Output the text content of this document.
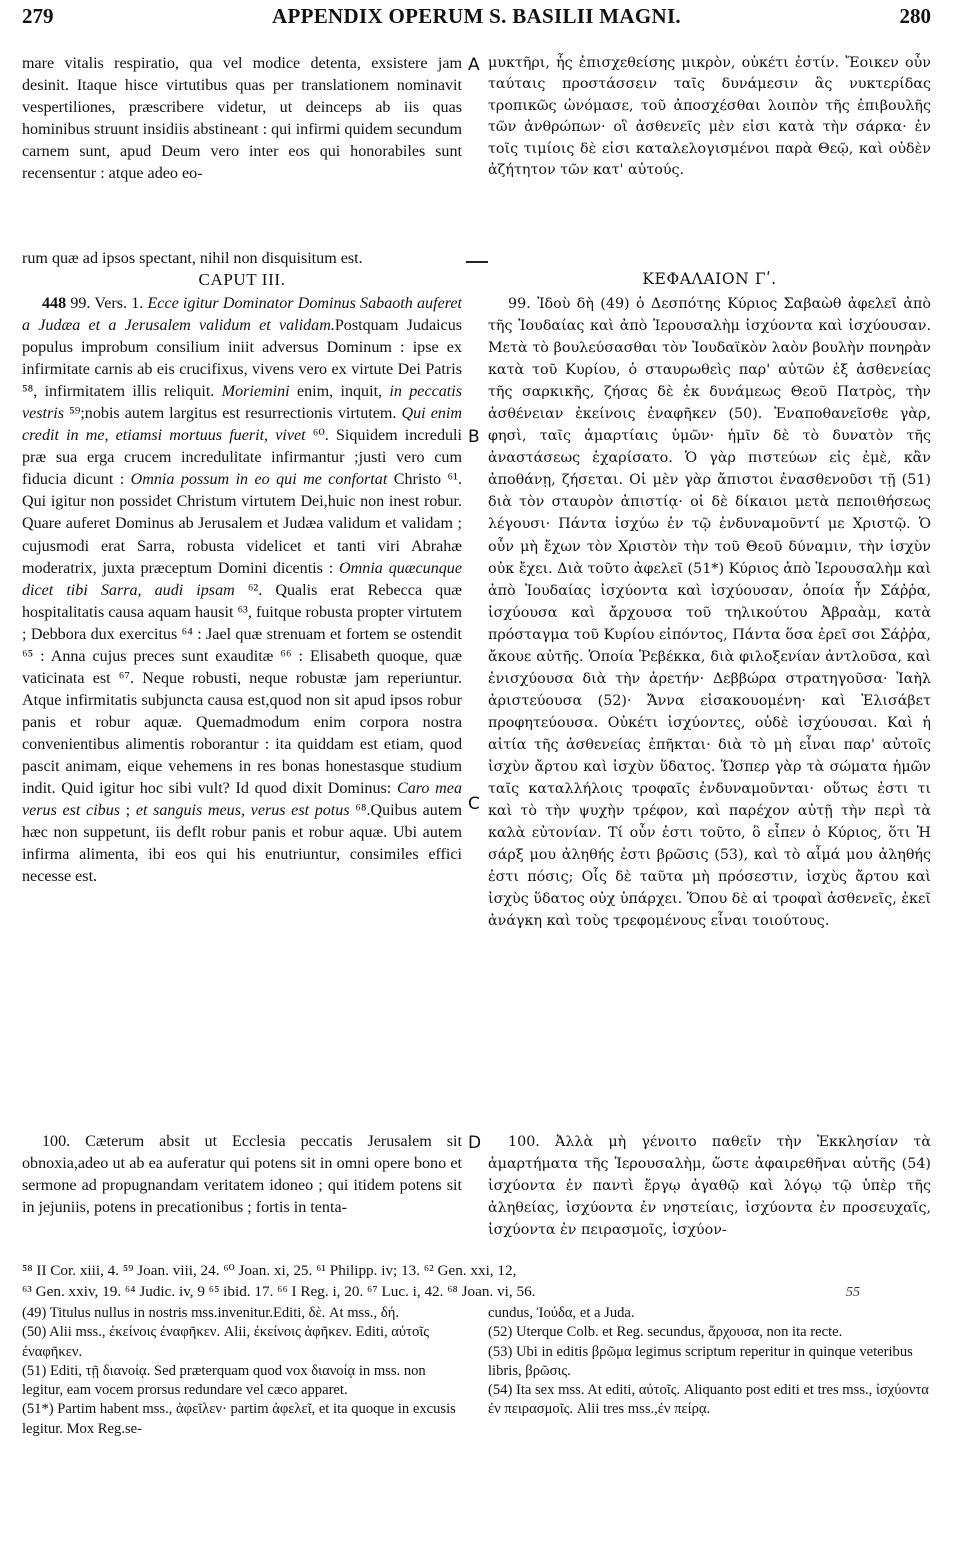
279	APPENDIX OPERUM S. BASILII MAGNI.	280

mare vitalis respiratio, qua vel modice detenta, exsistere jam desinit. Itaque hisce virtutibus quas per translationem nominavit vespertiliones, præscribere videtur, ut deinceps ab iis quas hominibus struunt insidiis abstineant : qui infirmi quidem secundum carnem sunt, apud Deum vero inter eos qui honorabiles sunt recensentur : atque adeo eo-

A μυκτῆρι, ἧς ἐπισχεθείσης μικρὸν, οὐκέτι ἐστίν. Ἔοικεν οὖν ταύταις προστάσσειν ταῖς δυνάμεσιν ἃς νυκτερίδας τροπικῶς ὠνόμασε, τοῦ ἀποσχέσθαι λοιπὸν τῆς ἐπιβουλῆς τῶν ἀνθρώπων· οἳ ἀσθενεῖς μὲν εἰσι κατὰ τὴν σάρκα· ἐν τοῖς τιμίοις δὲ εἰσι καταλελογισμένοι παρὰ Θεῷ, καὶ οὐδὲν ἀζήτητον τῶν κατ' αὐτούς.

rum quæ ad ipsos spectant, nihil non disquisitum est.
CAPUT III.	ΚΕΦΑΛΑΙΟΝ Γʹ.

448 99. Vers. 1. Ecce igitur Dominator Dominus Sabaoth auferet a Judæa et a Jerusalem validum et validam.Postquam Judaicus populus improbum consilium iniit adversus Dominum : ipse ex infirmitate carnis ab eis crucifixus, vivens vero ex virtute Dei Patris ⁵⁸, infirmitatem illis reliquit. Moriemini enim, inquit, in peccatis vestris ⁵⁹;nobis autem largitus est resurrectionis virtutem. Qui enim credit in me, etiamsi mortuus fuerit, vivet ⁶⁰. Siquidem increduli præ sua erga crucem incredulitate infirmantur ;justi vero cum fiducia dicunt : Omnia possum in eo qui me confortat Christo ⁶¹. Qui igitur non possidet Christum virtutem Dei,huic non inest robur. Quare auferet Dominus ab Jerusalem et Judæa validum et validam ; cujusmodi erat Sarra, robusta videlicet et tanti viri Abrahæ moderatrix, juxta præceptum Domini dicentis : Omnia quæcunque dicet tibi Sarra, audi ipsam ⁶². Qualis erat Rebecca quæ hospitalitatis causa aquam hausit ⁶³, fuitque robusta propter virtutem ; Debbora dux exercitus ⁶⁴ : Jael quæ strenuam et fortem se ostendit ⁶⁵ : Anna cujus preces sunt exauditæ ⁶⁶ : Elisabeth quoque, quæ vaticinata est ⁶⁷. Neque robusti, neque robustæ jam reperiuntur. Atque infirmitatis subjuncta causa est,quod non sit apud ipsos robur panis et robur aquæ. Quemadmodum enim corpora nostra convenientibus alimentis roborantur : ita quiddam est etiam, quod pascit animam, eique vehemens in res bonas honestasque studium indit. Quid igitur hoc sibi vult? Id quod dixit Dominus: Caro mea verus est cibus ; et sanguis meus, verus est potus ⁶⁸.Quibus autem hæc non suppetunt, iis deflt robur panis et robur aquæ. Ubi autem infirma alimenta, ibi eos qui his enutriuntur, consimiles effici necesse est.

B
C

99. Ἰδοὺ δὴ (49) ὁ Δεσπότης Κύριος Σαβαὼθ ἀφελεῖ ἀπὸ τῆς Ἰουδαίας καὶ ἀπὸ Ἱερουσαλὴμ ἰσχύοντα καὶ ἰσχύουσαν. Μετὰ τὸ βουλεύσασθαι τὸν Ἰουδαϊκὸν λαὸν βουλὴν πονηρὰν κατὰ τοῦ Κυρίου, ὁ σταυρωθεὶς παρ' αὐτῶν ἐξ ἀσθενείας τῆς σαρκικῆς, ζήσας δὲ ἐκ δυνάμεως Θεοῦ Πατρὸς, τὴν ἀσθένειαν ἐκείνοις ἐναφῆκεν (50). Ἐναποθανεῖσθε γὰρ, φησὶ, ταῖς ἁμαρτίαις ὑμῶν· ἡμῖν δὲ τὸ δυνατὸν τῆς ἀναστάσεως ἐχαρίσατο. Ὁ γὰρ πιστεύων εἰς ἐμὲ, κἂν ἀποθάνῃ, ζήσεται. Οἱ μὲν γὰρ ἄπιστοι ἐνασθενοῦσι τῇ (51) διὰ τὸν σταυρὸν ἀπιστίᾳ· οἱ δὲ δίκαιοι μετὰ πεποιθήσεως λέγουσι· Πάντα ἰσχύω ἐν τῷ ἐνδυναμοῦντί με Χριστῷ. Ὁ οὖν μὴ ἔχων τὸν Χριστὸν τὴν τοῦ Θεοῦ δύναμιν, τὴν ἰσχὺν οὐκ ἔχει. Διὰ τοῦτο ἀφελεῖ (51*) Κύριος ἀπὸ Ἱερουσαλὴμ καὶ ἀπὸ Ἰουδαίας ἰσχύοντα καὶ ἰσχύουσαν, ὁποία ἦν Σάῤῥα, ἰσχύουσα καὶ ἄρχουσα τοῦ τηλικούτου Ἀβραὰμ, κατὰ πρόσταγμα τοῦ Κυρίου εἰπόντος, Πάντα ὅσα ἐρεῖ σοι Σάῤῥα, ἄκουε αὐτῆς. Ὁποία Ῥεβέκκα, διὰ φιλοξενίαν ἀντλοῦσα, καὶ ἐνισχύουσα διὰ τὴν ἀρετήν· Δεββώρα στρατηγοῦσα· Ἰαὴλ ἀριστεύουσα (52)· Ἄννα εἰσακουομένη· καὶ Ἐλισάβετ προφητεύουσα. Οὐκέτι ἰσχύοντες, οὐδὲ ἰσχύουσαι. Καὶ ἡ αἰτία τῆς ἀσθενείας ἐπῆκται· διὰ τὸ μὴ εἶναι παρ' αὐτοῖς ἰσχὺν ἄρτου καὶ ἰσχὺν ὕδατος. Ὥσπερ γὰρ τὰ σώματα ἡμῶν ταῖς καταλλήλοις τροφαῖς ἐνδυναμοῦνται· οὕτως ἐστι τι καὶ τὸ τὴν ψυχὴν τρέφον, καὶ παρέχον αὐτῇ τὴν περὶ τὰ καλὰ εὐτονίαν. Τί οὖν ἐστι τοῦτο, ὃ εἶπεν ὁ Κύριος, ὅτι Ἡ σάρξ μου ἀληθής ἐστι βρῶσις (53), καὶ τὸ αἷμά μου ἀληθής ἐστι πόσις; Οἷς δὲ ταῦτα μὴ πρόσεστιν, ἰσχὺς ἄρτου καὶ ἰσχὺς ὕδατος οὐχ ὑπάρχει. Ὅπου δὲ αἱ τροφαὶ ἀσθενεῖς, ἐκεῖ ἀνάγκη καὶ τοὺς τρεφομένους εἶναι τοιούτους.

100. Cæterum absit ut Ecclesia peccatis Jerusalem sit obnoxia,adeo ut ab ea auferatur qui potens sit in omni opere bono et sermone ad propugnandam veritatem idoneo ; qui itidem potens sit in jejuniis, potens in precationibus ; fortis in tenta-

D	100. Ἀλλὰ μὴ γένοιτο παθεῖν τὴν Ἐκκλησίαν τὰ ἁμαρτήματα τῆς Ἱερουσαλὴμ, ὥστε ἀφαιρεθῆναι αὐτῆς (54) ἰσχύοντα ἐν παντὶ ἔργῳ ἀγαθῷ καὶ λόγῳ τῷ ὑπὲρ τῆς ἀληθείας, ἰσχύοντα ἐν νηστείαις, ἰσχύοντα ἐν προσευχαῖς, ἰσχύοντα ἐν πειρασμοῖς, ἰσχύον-

⁵⁸ II Cor. xiii, 4. ⁵⁹ Joan. viii, 24. ⁶⁰ Joan. xi, 25. ⁶¹ Philipp. iv; 13. ⁶² Gen. xxi, 12,
⁶³ Gen. xxiv, 19. ⁶⁴ Judic. iv, 9 ⁶⁵ ibid. 17. ⁶⁶ I Reg. i, 20. ⁶⁷ Luc. i, 42. ⁶⁸ Joan. vi, 56.	55

(49) Titulus nullus in nostris mss.invenitur.Editi, δὲ. At mss., δή.

(50) Alii mss., ἐκείνοις ἐναφῆκεν. Alii, ἐκείνοις ἀφῆκεν. Editi, αὐτοῖς ἐναφῆκεν.

(51) Editi, τῇ διανοίᾳ. Sed præterquam quod vox διανοίᾳ in mss. non legitur, eam vocem prorsus redundare vel cæco apparet.

(51*) Partim habent mss., ἀφεῖλεν· partim ἀφελεῖ, et ita quoque in excusis legitur. Mox Reg.se-

cundus, Ἰούδα, et a Juda.

(52) Uterque Colb. et Reg. secundus, ἄρχουσα, non ita recte.

(53) Ubi in editis βρῶμα legimus scriptum reperitur in quinque veteribus libris, βρῶσις.

(54) Ita sex mss. At editi, αὐτοῖς. Aliquanto post editi et tres mss., ἰσχύοντα ἐν πειρασμοῖς. Alii tres mss.,ἐν πείρᾳ.
